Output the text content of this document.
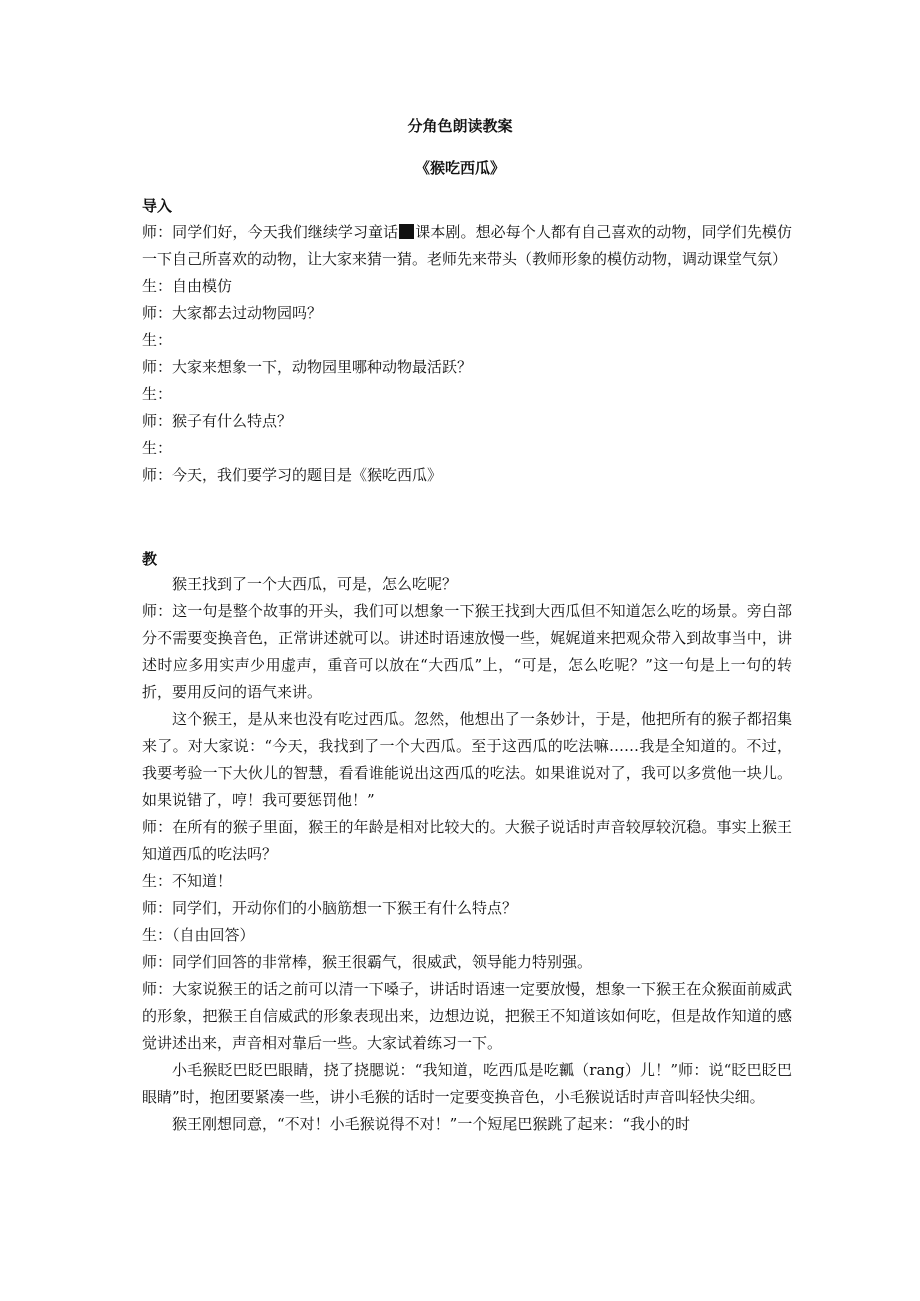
分角色朗读教案
《猴吃西瓜》
导入
师：同学们好，今天我们继续学习童话 课本剧。想必每个人都有自己喜欢的动物，同学们先模仿一下自己所喜欢的动物，让大家来猜一猜。老师先来带头（教师形象的模仿动物，调动课堂气氛）
生：自由模仿
师：大家都去过动物园吗？
生：
师：大家来想象一下，动物园里哪种动物最活跃？
生：
师：猴子有什么特点？
生：
师：今天，我们要学习的题目是《猴吃西瓜》
教
猴王找到了一个大西瓜，可是，怎么吃呢？
师：这一句是整个故事的开头，我们可以想象一下猴王找到大西瓜但不知道怎么吃的场景。旁白部分不需要变换音色，正常讲述就可以。讲述时语速放慢一些，娓娓道来把观众带入到故事当中，讲述时应多用实声少用虚声，重音可以放在“大西瓜”上，“可是，怎么吃呢？”这一句是上一句的转折，要用反问的语气来讲。
这个猴王，是从来也没有吃过西瓜。忽然，他想出了一条妙计，于是，他把所有的猴子都招集来了。对大家说：“今天，我找到了一个大西瓜。至于这西瓜的吃法嘛……我是全知道的。不过，我要考验一下大伙儿的智慧，看看谁能说出这西瓜的吃法。如果谁说对了，我可以多赏他一块儿。如果说错了，哼！我可要惩罚他！”
师：在所有的猴子里面，猴王的年龄是相对比较大的。大猴子说话时声音较厚较沉稳。事实上猴王知道西瓜的吃法吗？
生：不知道！
师：同学们，开动你们的小脑筋想一下猴王有什么特点？
生：（自由回答）
师：同学们回答的非常棒，猴王很霸气，很威武，领导能力特别强。
师：大家说猴王的话之前可以清一下嗓子，讲话时语速一定要放慢，想象一下猴王在众猴面前威武的形象，把猴王自信威武的形象表现出来，边想边说，把猴王不知道该如何吃，但是故作知道的感觉讲述出来，声音相对靠后一些。大家试着练习一下。
小毛猴眨巴眨巴眼睛，挠了挠腮说：“我知道，吃西瓜是吃瓤（rang）儿！”师：说“眨巴眨巴眼睛”时，抱团要紧凑一些，讲小毛猴的话时一定要变换音色，小毛猴说话时声音叫轻快尖细。
猴王刚想同意，“不对！小毛猴说得不对！”一个短尾巴猴跳了起来：“我小的时
